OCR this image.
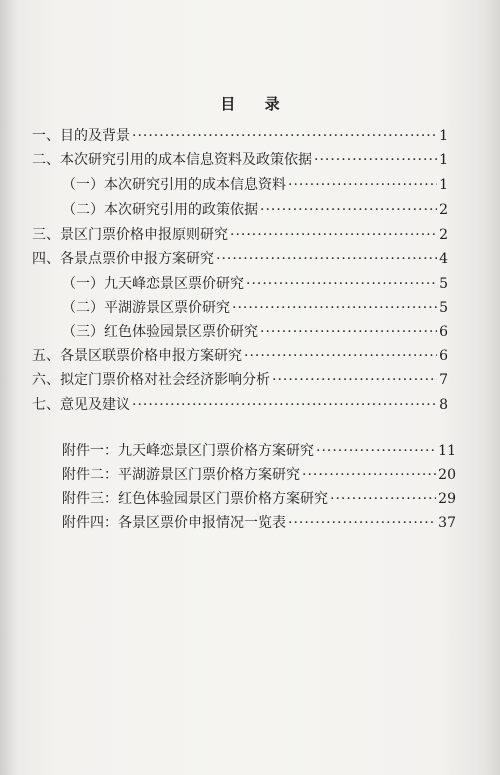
目 录
一、目的及背景 ·····	1
二、本次研究引用的成本信息资料及政策依据 ·····	1
（一）本次研究引用的成本信息资料 ·····	1
（二）本次研究引用的政策依据 ·····	2
三、景区门票价格申报原则研究 ·····	2
四、各景点票价申报方案研究 ·····	4
（一）九天峰恋景区票价研究 ·····	5
（二）平湖游景区票价研究 ·····	5
（三）红色体验园景区票价研究 ·····	6
五、各景区联票价格申报方案研究 ·····	6
六、拟定门票价格对社会经济影响分析 ·····	7
七、意见及建议 ·····	8
附件一：九天峰恋景区门票价格方案研究 ·····	11
附件二：平湖游景区门票价格方案研究 ·····	20
附件三：红色体验园景区门票价格方案研究 ·····	29
附件四：各景区票价申报情况一览表 ·····	37
